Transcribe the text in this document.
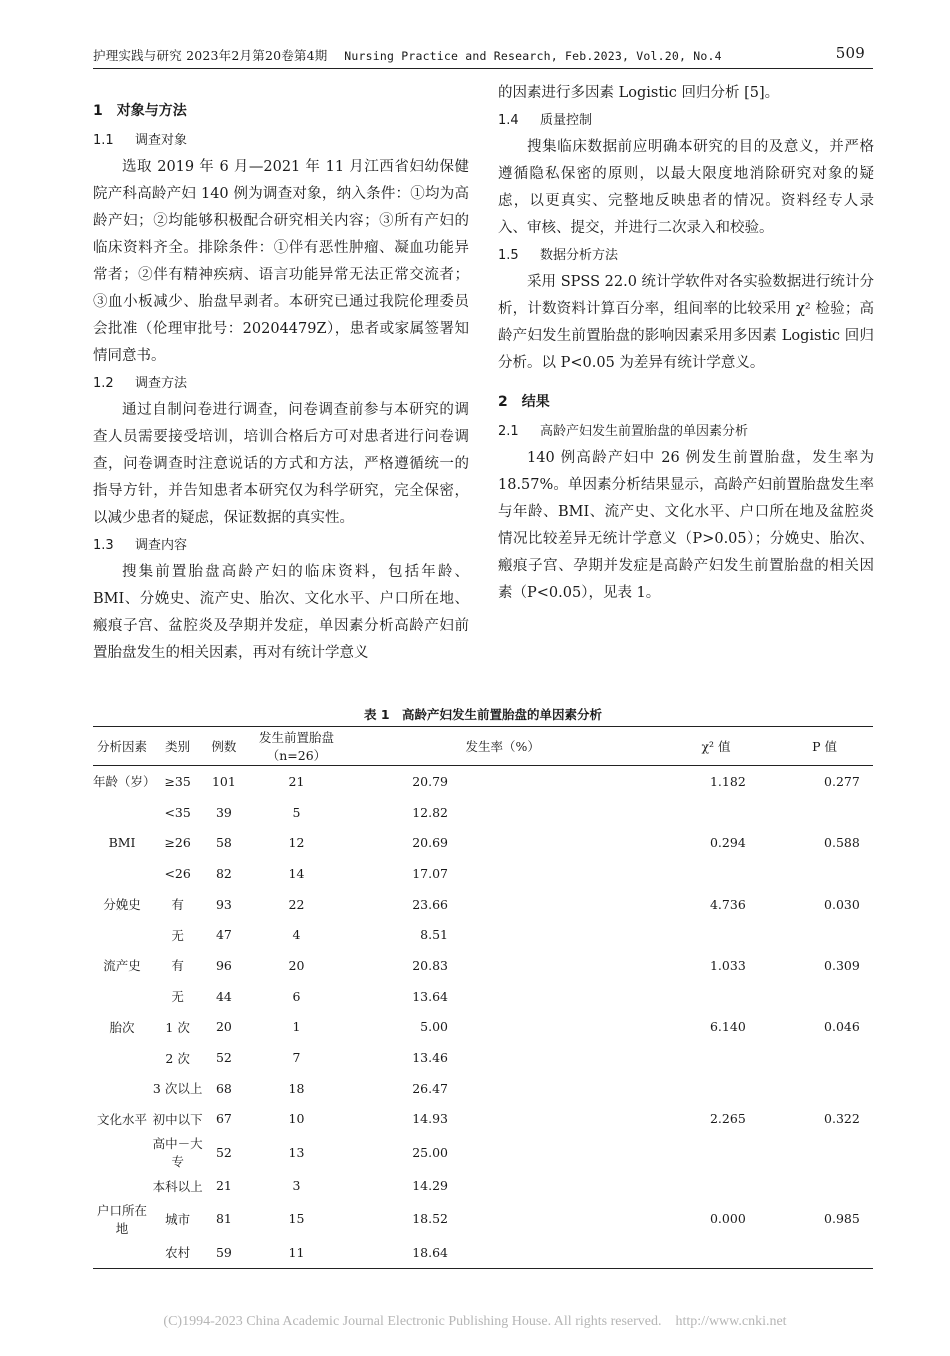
护理实践与研究 2023年2月第20卷第4期 Nursing Practice and Research, Feb.2023, Vol.20, No.4	509

1　对象与方法

1.1 调查对象

选取 2019 年 6 月—2021 年 11 月江西省妇幼保健院产科高龄产妇 140 例为调查对象，纳入条件：①均为高龄产妇；②均能够积极配合研究相关内容；③所有产妇的临床资料齐全。排除条件：①伴有恶性肿瘤、凝血功能异常者；②伴有精神疾病、语言功能异常无法正常交流者；③血小板减少、胎盘早剥者。本研究已通过我院伦理委员会批准（伦理审批号：20204479Z），患者或家属签署知情同意书。

1.2 调查方法

通过自制问卷进行调查，问卷调查前参与本研究的调查人员需要接受培训，培训合格后方可对患者进行问卷调查，问卷调查时注意说话的方式和方法，严格遵循统一的指导方针，并告知患者本研究仅为科学研究，完全保密，以减少患者的疑虑，保证数据的真实性。

1.3 调查内容

搜集前置胎盘高龄产妇的临床资料，包括年龄、BMI、分娩史、流产史、胎次、文化水平、户口所在地、瘢痕子宫、盆腔炎及孕期并发症，单因素分析高龄产妇前置胎盘发生的相关因素，再对有统计学意义

的因素进行多因素 Logistic 回归分析 [5]。

1.4 质量控制

搜集临床数据前应明确本研究的目的及意义，并严格遵循隐私保密的原则，以最大限度地消除研究对象的疑虑，以更真实、完整地反映患者的情况。资料经专人录入、审核、提交，并进行二次录入和校验。

1.5 数据分析方法

采用 SPSS 22.0 统计学软件对各实验数据进行统计分析，计数资料计算百分率，组间率的比较采用 χ² 检验；高龄产妇发生前置胎盘的影响因素采用多因素 Logistic 回归分析。以 P<0.05 为差异有统计学意义。

2　结果

2.1 高龄产妇发生前置胎盘的单因素分析

140 例高龄产妇中 26 例发生前置胎盘，发生率为 18.57%。单因素分析结果显示，高龄产妇前置胎盘发生率与年龄、BMI、流产史、文化水平、户口所在地及盆腔炎情况比较差异无统计学意义（P>0.05）；分娩史、胎次、瘢痕子宫、孕期并发症是高龄产妇发生前置胎盘的相关因素（P<0.05），见表 1。

表 1　高龄产妇发生前置胎盘的单因素分析
分析因素	类别	例数	发生前置胎盘（n=26）	发生率（%）	χ² 值	P 值
年龄（岁）	≥35	101	21	20.79	1.182	0.277
	<35	39	5	12.82		
BMI	≥26	58	12	20.69	0.294	0.588
	<26	82	14	17.07		
分娩史	有	93	22	23.66	4.736	0.030
	无	47	4	8.51		
流产史	有	96	20	20.83	1.033	0.309
	无	44	6	13.64		
胎次	1 次	20	1	5.00	6.140	0.046
	2 次	52	7	13.46		
	3 次以上	68	18	26.47		
文化水平	初中以下	67	10	14.93	2.265	0.322
	高中－大专	52	13	25.00		
	本科以上	21	3	14.29		
户口所在地	城市	81	15	18.52	0.000	0.985
	农村	59	11	18.64		
(C)1994-2023 China Academic Journal Electronic Publishing House. All rights reserved.　http://www.cnki.net
